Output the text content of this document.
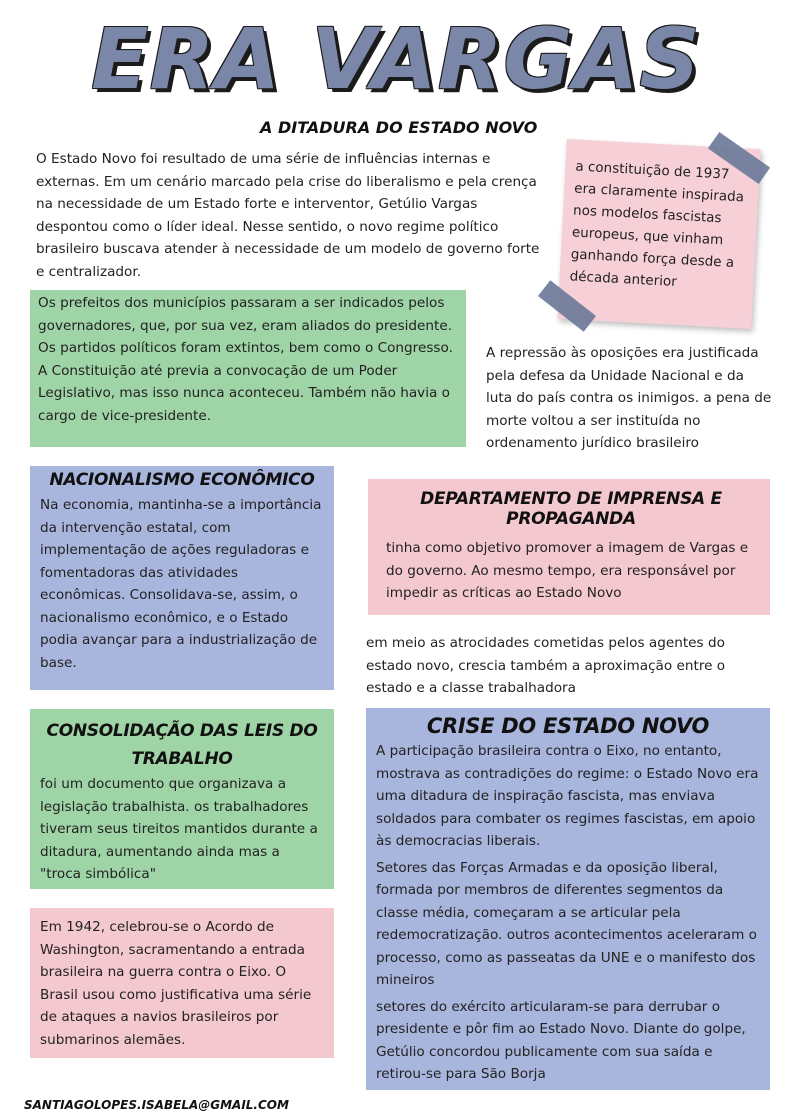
ERA VARGAS
A DITADURA DO ESTADO NOVO
O Estado Novo foi resultado de uma série de influências internas e externas. Em um cenário marcado pela crise do liberalismo e pela crença na necessidade de um Estado forte e interventor, Getúlio Vargas despontou como o líder ideal. Nesse sentido, o novo regime político brasileiro buscava atender à necessidade de um modelo de governo forte e centralizador.
a constituição de 1937 era claramente inspirada nos modelos fascistas europeus, que vinham ganhando força desde a década anterior
Os prefeitos dos municípios passaram a ser indicados pelos governadores, que, por sua vez, eram aliados do presidente. Os partidos políticos foram extintos, bem como o Congresso. A Constituição até previa a convocação de um Poder Legislativo, mas isso nunca aconteceu. Também não havia o cargo de vice-presidente.
A repressão às oposições era justificada pela defesa da Unidade Nacional e da luta do país contra os inimigos. a pena de morte voltou a ser instituída no ordenamento jurídico brasileiro
NACIONALISMO ECONÔMICO
Na economia, mantinha-se a importância da intervenção estatal, com implementação de ações reguladoras e fomentadoras das atividades econômicas. Consolidava-se, assim, o nacionalismo econômico, e o Estado podia avançar para a industrialização de base.
DEPARTAMENTO DE IMPRENSA E PROPAGANDA
tinha como objetivo promover a imagem de Vargas e do governo. Ao mesmo tempo, era responsável por impedir as críticas ao Estado Novo
em meio as atrocidades cometidas pelos agentes do estado novo, crescia também a aproximação entre o estado e a classe trabalhadora
CONSOLIDAÇÃO DAS LEIS DO TRABALHO
foi um documento que organizava a legislação trabalhista. os trabalhadores tiveram seus tireitos mantidos durante a ditadura, aumentando ainda mas a "troca simbólica"
Em 1942, celebrou-se o Acordo de Washington, sacramentando a entrada brasileira na guerra contra o Eixo. O Brasil usou como justificativa uma série de ataques a navios brasileiros por submarinos alemães.
CRISE DO ESTADO NOVO
A participação brasileira contra o Eixo, no entanto, mostrava as contradições do regime: o Estado Novo era uma ditadura de inspiração fascista, mas enviava soldados para combater os regimes fascistas, em apoio às democracias liberais.
Setores das Forças Armadas e da oposição liberal, formada por membros de diferentes segmentos da classe média, começaram a se articular pela redemocratização. outros acontecimentos aceleraram o processo, como as passeatas da UNE e o manifesto dos mineiros
setores do exército articularam-se para derrubar o presidente e pôr fim ao Estado Novo. Diante do golpe, Getúlio concordou publicamente com sua saída e retirou-se para São Borja
SANTIAGOLOPES.ISABELA@GMAIL.COM
